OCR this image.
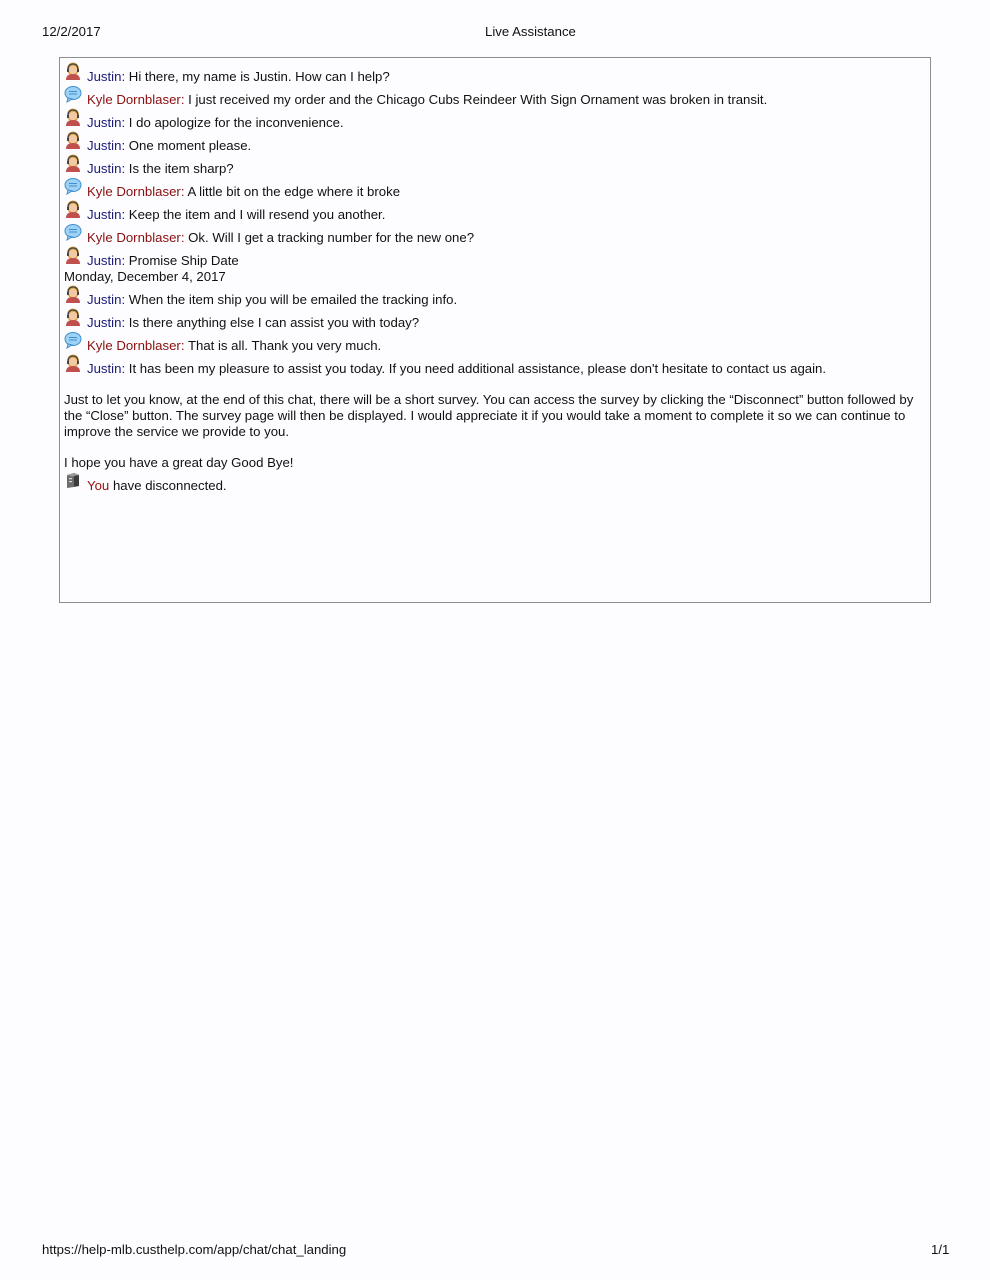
12/2/2017	Live Assistance
Justin: Hi there, my name is Justin. How can I help?
Kyle Dornblaser: I just received my order and the Chicago Cubs Reindeer With Sign Ornament was broken in transit.
Justin: I do apologize for the inconvenience.
Justin: One moment please.
Justin: Is the item sharp?
Kyle Dornblaser: A little bit on the edge where it broke
Justin: Keep the item and I will resend you another.
Kyle Dornblaser: Ok. Will I get a tracking number for the new one?
Justin: Promise Ship Date
Monday, December 4, 2017
Justin: When the item ship you will be emailed the tracking info.
Justin: Is there anything else I can assist you with today?
Kyle Dornblaser: That is all. Thank you very much.
Justin: It has been my pleasure to assist you today. If you need additional assistance, please don't hesitate to contact us again.
Just to let you know, at the end of this chat, there will be a short survey. You can access the survey by clicking the “Disconnect” button followed by the “Close” button. The survey page will then be displayed. I would appreciate it if you would take a moment to complete it so we can continue to improve the service we provide to you.
I hope you have a great day Good Bye!
You have disconnected.
https://help-mlb.custhelp.com/app/chat/chat_landing	1/1
